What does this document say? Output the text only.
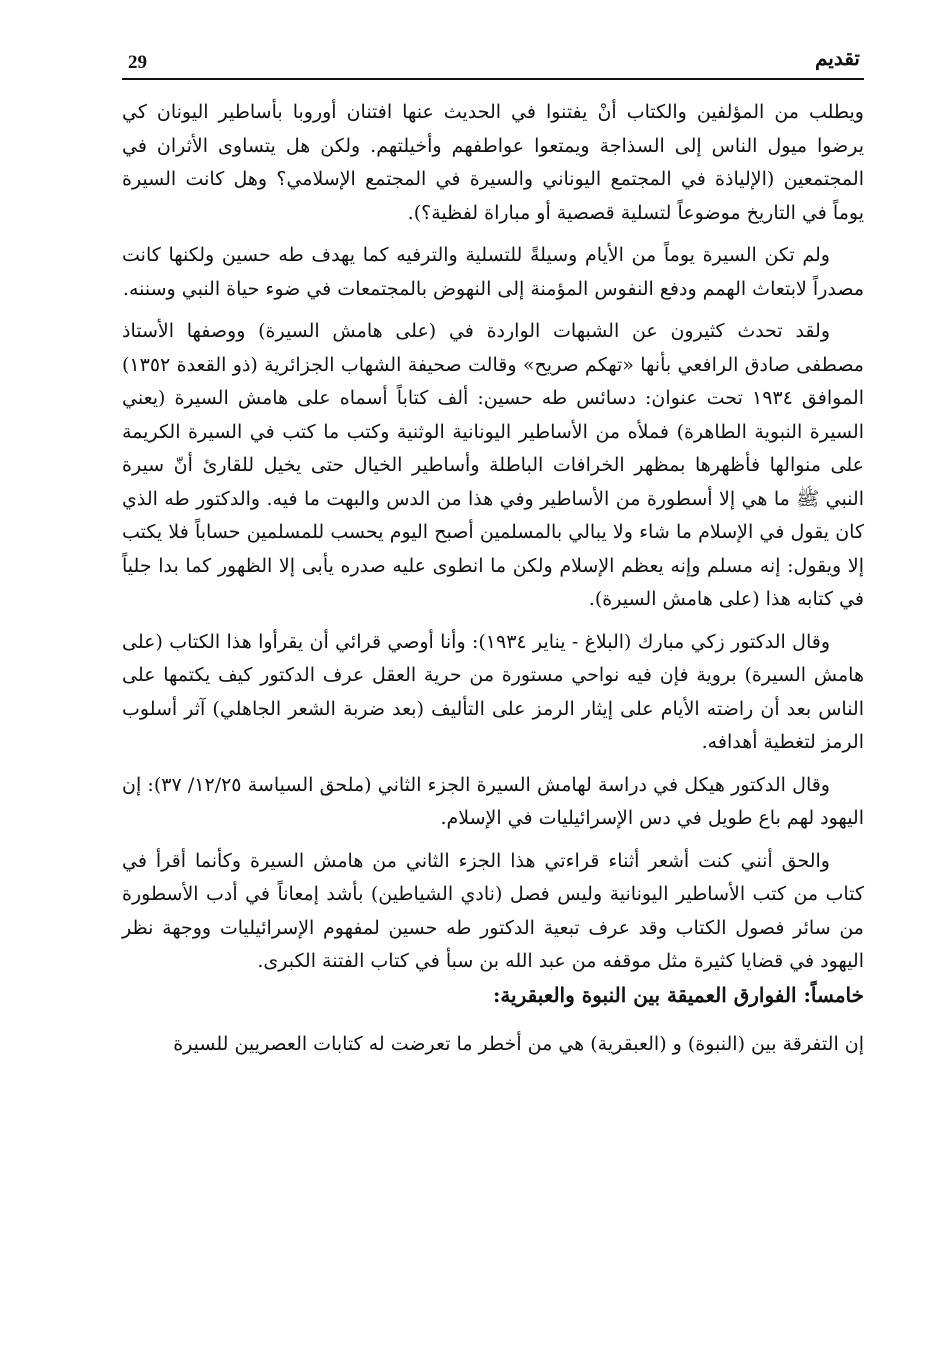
29	تقديم

ويطلب من المؤلفين والكتاب أنْ يفتنوا في الحديث عنها افتنان أوروبا بأساطير اليونان كي يرضوا ميول الناس إلى السذاجة ويمتعوا عواطفهم وأخيلتهم. ولكن هل يتساوى الأثران في المجتمعين (الإلياذة في المجتمع اليوناني والسيرة في المجتمع الإسلامي؟ وهل كانت السيرة يوماً في التاريخ موضوعاً لتسلية قصصية أو مباراة لفظية؟).

ولم تكن السيرة يوماً من الأيام وسيلةً للتسلية والترفيه كما يهدف طه حسين ولكنها كانت مصدراً لابتعاث الهمم ودفع النفوس المؤمنة إلى النهوض بالمجتمعات في ضوء حياة النبي وسننه.

ولقد تحدث كثيرون عن الشبهات الواردة في (على هامش السيرة) ووصفها الأستاذ مصطفى صادق الرافعي بأنها «تهكم صريح» وقالت صحيفة الشهاب الجزائرية (ذو القعدة ١٣٥٢) الموافق ١٩٣٤ تحت عنوان: دسائس طه حسين: ألف كتاباً أسماه على هامش السيرة (يعني السيرة النبوية الطاهرة) فملأه من الأساطير اليونانية الوثنية وكتب ما كتب في السيرة الكريمة على منوالها فأظهرها بمظهر الخرافات الباطلة وأساطير الخيال حتى يخيل للقارئ أنّ سيرة النبي ﷺ ما هي إلا أسطورة من الأساطير وفي هذا من الدس والبهت ما فيه. والدكتور طه الذي كان يقول في الإسلام ما شاء ولا يبالي بالمسلمين أصبح اليوم يحسب للمسلمين حساباً فلا يكتب إلا ويقول: إنه مسلم وإنه يعظم الإسلام ولكن ما انطوى عليه صدره يأبى إلا الظهور كما بدا جلياً في كتابه هذا (على هامش السيرة).

وقال الدكتور زكي مبارك (البلاغ - يناير ١٩٣٤): وأنا أوصي قرائي أن يقرأوا هذا الكتاب (على هامش السيرة) بروية فإن فيه نواحي مستورة من حرية العقل عرف الدكتور كيف يكتمها على الناس بعد أن راضته الأيام على إيثار الرمز على التأليف (بعد ضربة الشعر الجاهلي) آثر أسلوب الرمز لتغطية أهدافه.

وقال الدكتور هيكل في دراسة لهامش السيرة الجزء الثاني (ملحق السياسة ١٢/٢٥/ ٣٧): إن اليهود لهم باع طويل في دس الإسرائيليات في الإسلام.

والحق أنني كنت أشعر أثناء قراءتي هذا الجزء الثاني من هامش السيرة وكأنما أقرأ في كتاب من كتب الأساطير اليونانية وليس فصل (نادي الشياطين) بأشد إمعاناً في أدب الأسطورة من سائر فصول الكتاب وقد عرف تبعية الدكتور طه حسين لمفهوم الإسرائيليات ووجهة نظر اليهود في قضايا كثيرة مثل موقفه من عبد الله بن سبأ في كتاب الفتنة الكبرى.

خامساً: الفوارق العميقة بين النبوة والعبقرية:

إن التفرقة بين (النبوة) و (العبقرية) هي من أخطر ما تعرضت له كتابات العصريين للسيرة
